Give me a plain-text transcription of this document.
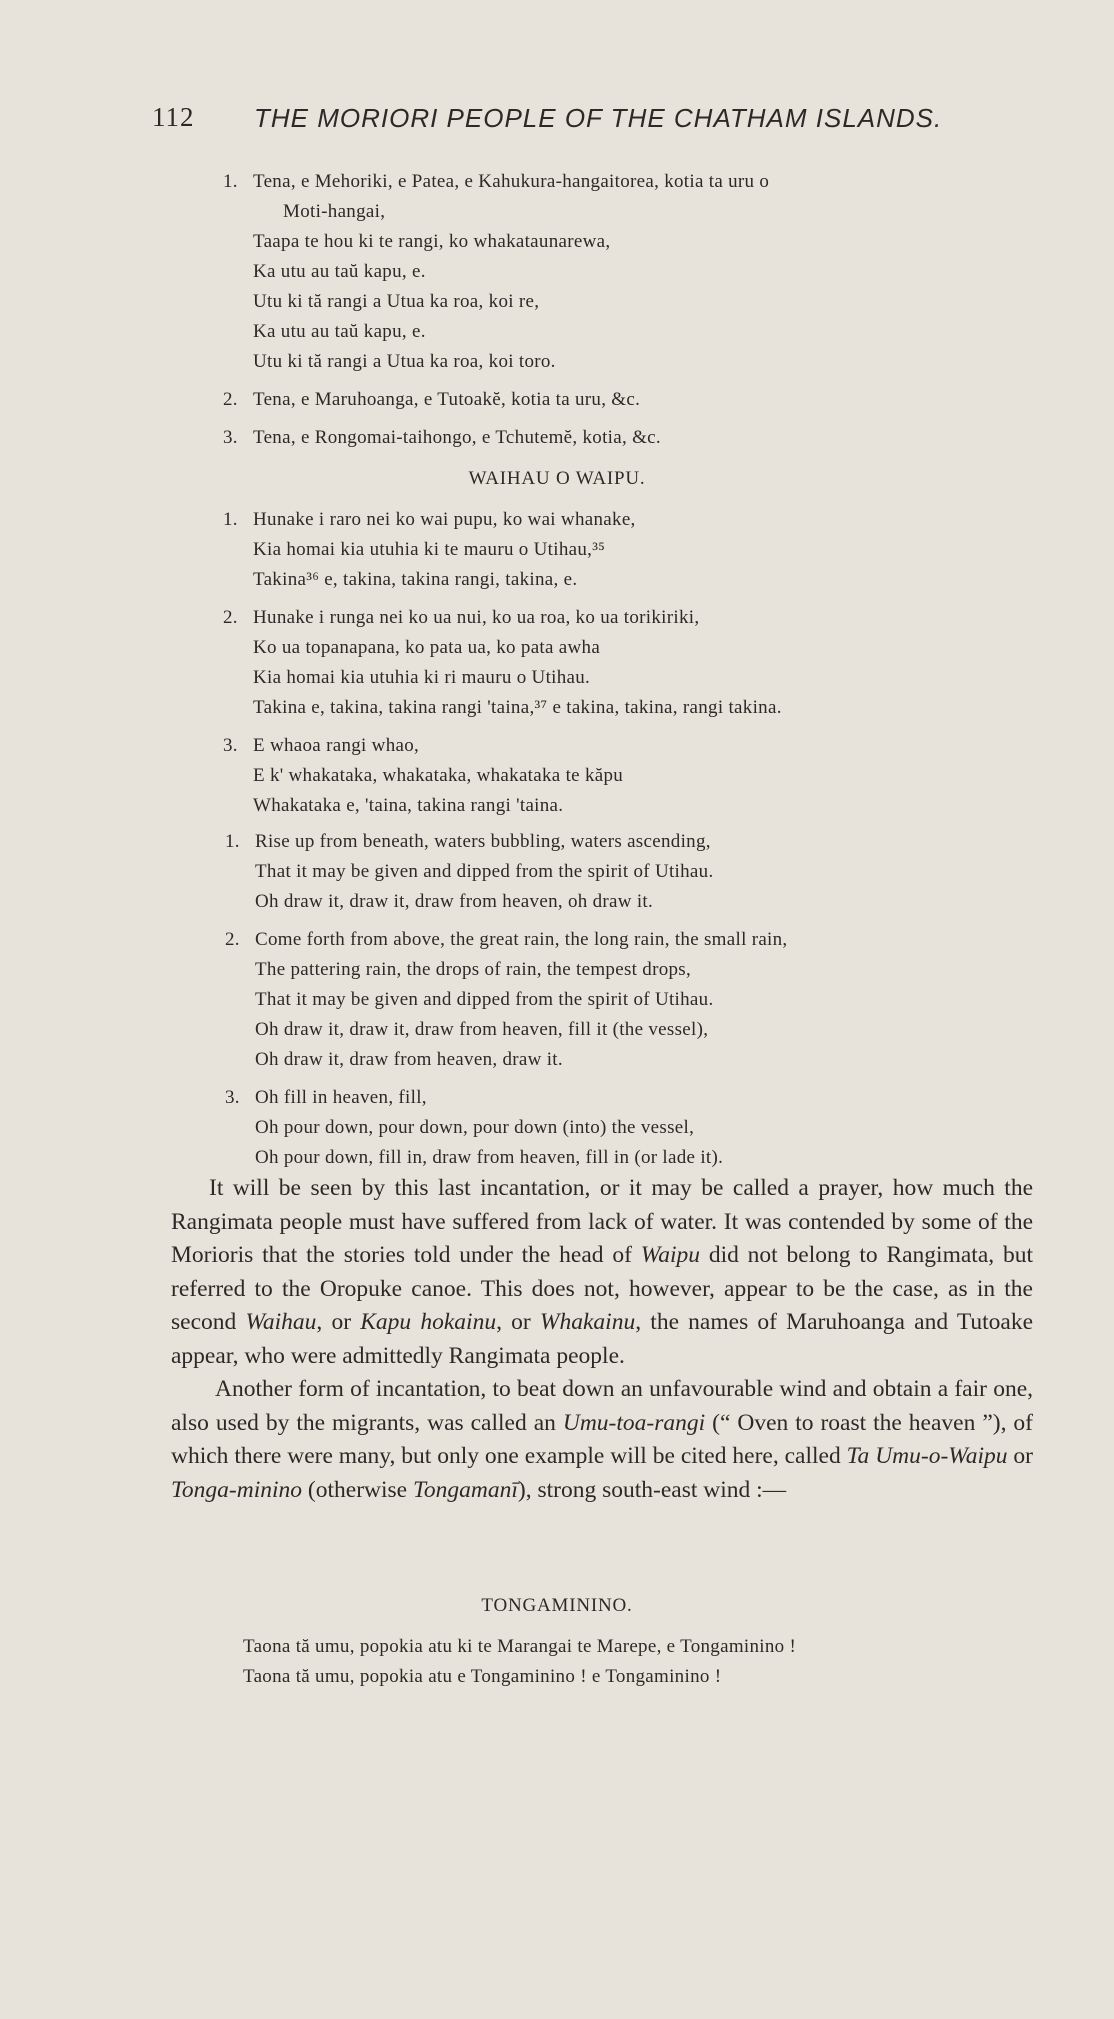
112 THE MORIORI PEOPLE OF THE CHATHAM ISLANDS.
1. Tena, e Mehoriki, e Patea, e Kahukura-hangaitorea, kotia ta uru o
Moti-hangai,
Taapa te hou ki te rangi, ko whakataunarewa,
Ka utu au taŭ kapu, e.
Utu ki tă rangi a Utua ka roa, koi re,
Ka utu au taŭ kapu, e.
Utu ki tă rangi a Utua ka roa, koi toro.
2. Tena, e Maruhoanga, e Tutoakĕ, kotia ta uru, &c.
3. Tena, e Rongomai-taihongo, e Tchutemĕ, kotia, &c.
WAIHAU O WAIPU.
1. Hunake i raro nei ko wai pupu, ko wai whanake,
Kia homai kia utuhia ki te mauru o Utihau,³⁵
Takina³⁶ e, takina, takina rangi, takina, e.
2. Hunake i runga nei ko ua nui, ko ua roa, ko ua torikiriki,
Ko ua topanapana, ko pata ua, ko pata awha
Kia homai kia utuhia ki ri mauru o Utihau.
Takina e, takina, takina rangi 'taina,³⁷ e takina, takina, rangi takina.
3. E whaoa rangi whao,
E k' whakataka, whakataka, whakataka te kăpu
Whakataka e, 'taina, takina rangi 'taina.
1. Rise up from beneath, waters bubbling, waters ascending,
That it may be given and dipped from the spirit of Utihau.
Oh draw it, draw it, draw from heaven, oh draw it.
2. Come forth from above, the great rain, the long rain, the small rain,
The pattering rain, the drops of rain, the tempest drops,
That it may be given and dipped from the spirit of Utihau.
Oh draw it, draw it, draw from heaven, fill it (the vessel),
Oh draw it, draw from heaven, draw it.
3. Oh fill in heaven, fill,
Oh pour down, pour down, pour down (into) the vessel,
Oh pour down, fill in, draw from heaven, fill in (or lade it).

It will be seen by this last incantation, or it may be called a prayer, how much the Rangimata people must have suffered from lack of water. It was contended by some of the Morioris that the stories told under the head of Waipu did not belong to Rangimata, but referred to the Oropuke canoe. This does not, however, appear to be the case, as in the second Waihau, or Kapu hokainu, or Whakainu, the names of Maruhoanga and Tutoake appear, who were admittedly Rangimata people.

Another form of incantation, to beat down an unfavourable wind and obtain a fair one, also used by the migrants, was called an Umu-toa-rangi (“ Oven to roast the heaven ”), of which there were many, but only one example will be cited here, called Ta Umu-o-Waipu or Tonga-minino (otherwise Tongamanī), strong south-east wind :—

TONGAMININO.
Taona tă umu, popokia atu ki te Marangai te Marepe, e Tongaminino !
Taona tă umu, popokia atu e Tongaminino ! e Tongaminino !
